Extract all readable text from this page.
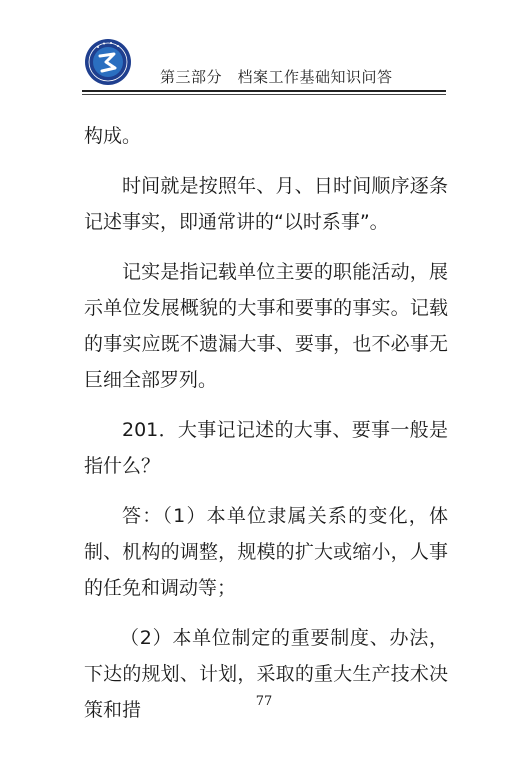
第三部分　档案工作基础知识问答

构成。

时间就是按照年、月、日时间顺序逐条记述事实，即通常讲的“以时系事”。

记实是指记载单位主要的职能活动，展示单位发展概貌的大事和要事的事实。记载的事实应既不遗漏大事、要事，也不必事无巨细全部罗列。

201．大事记记述的大事、要事一般是指什么？

答：（1）本单位隶属关系的变化，体制、机构的调整，规模的扩大或缩小，人事的任免和调动等；

（2）本单位制定的重要制度、办法，下达的规划、计划，采取的重大生产技术决策和措	77
